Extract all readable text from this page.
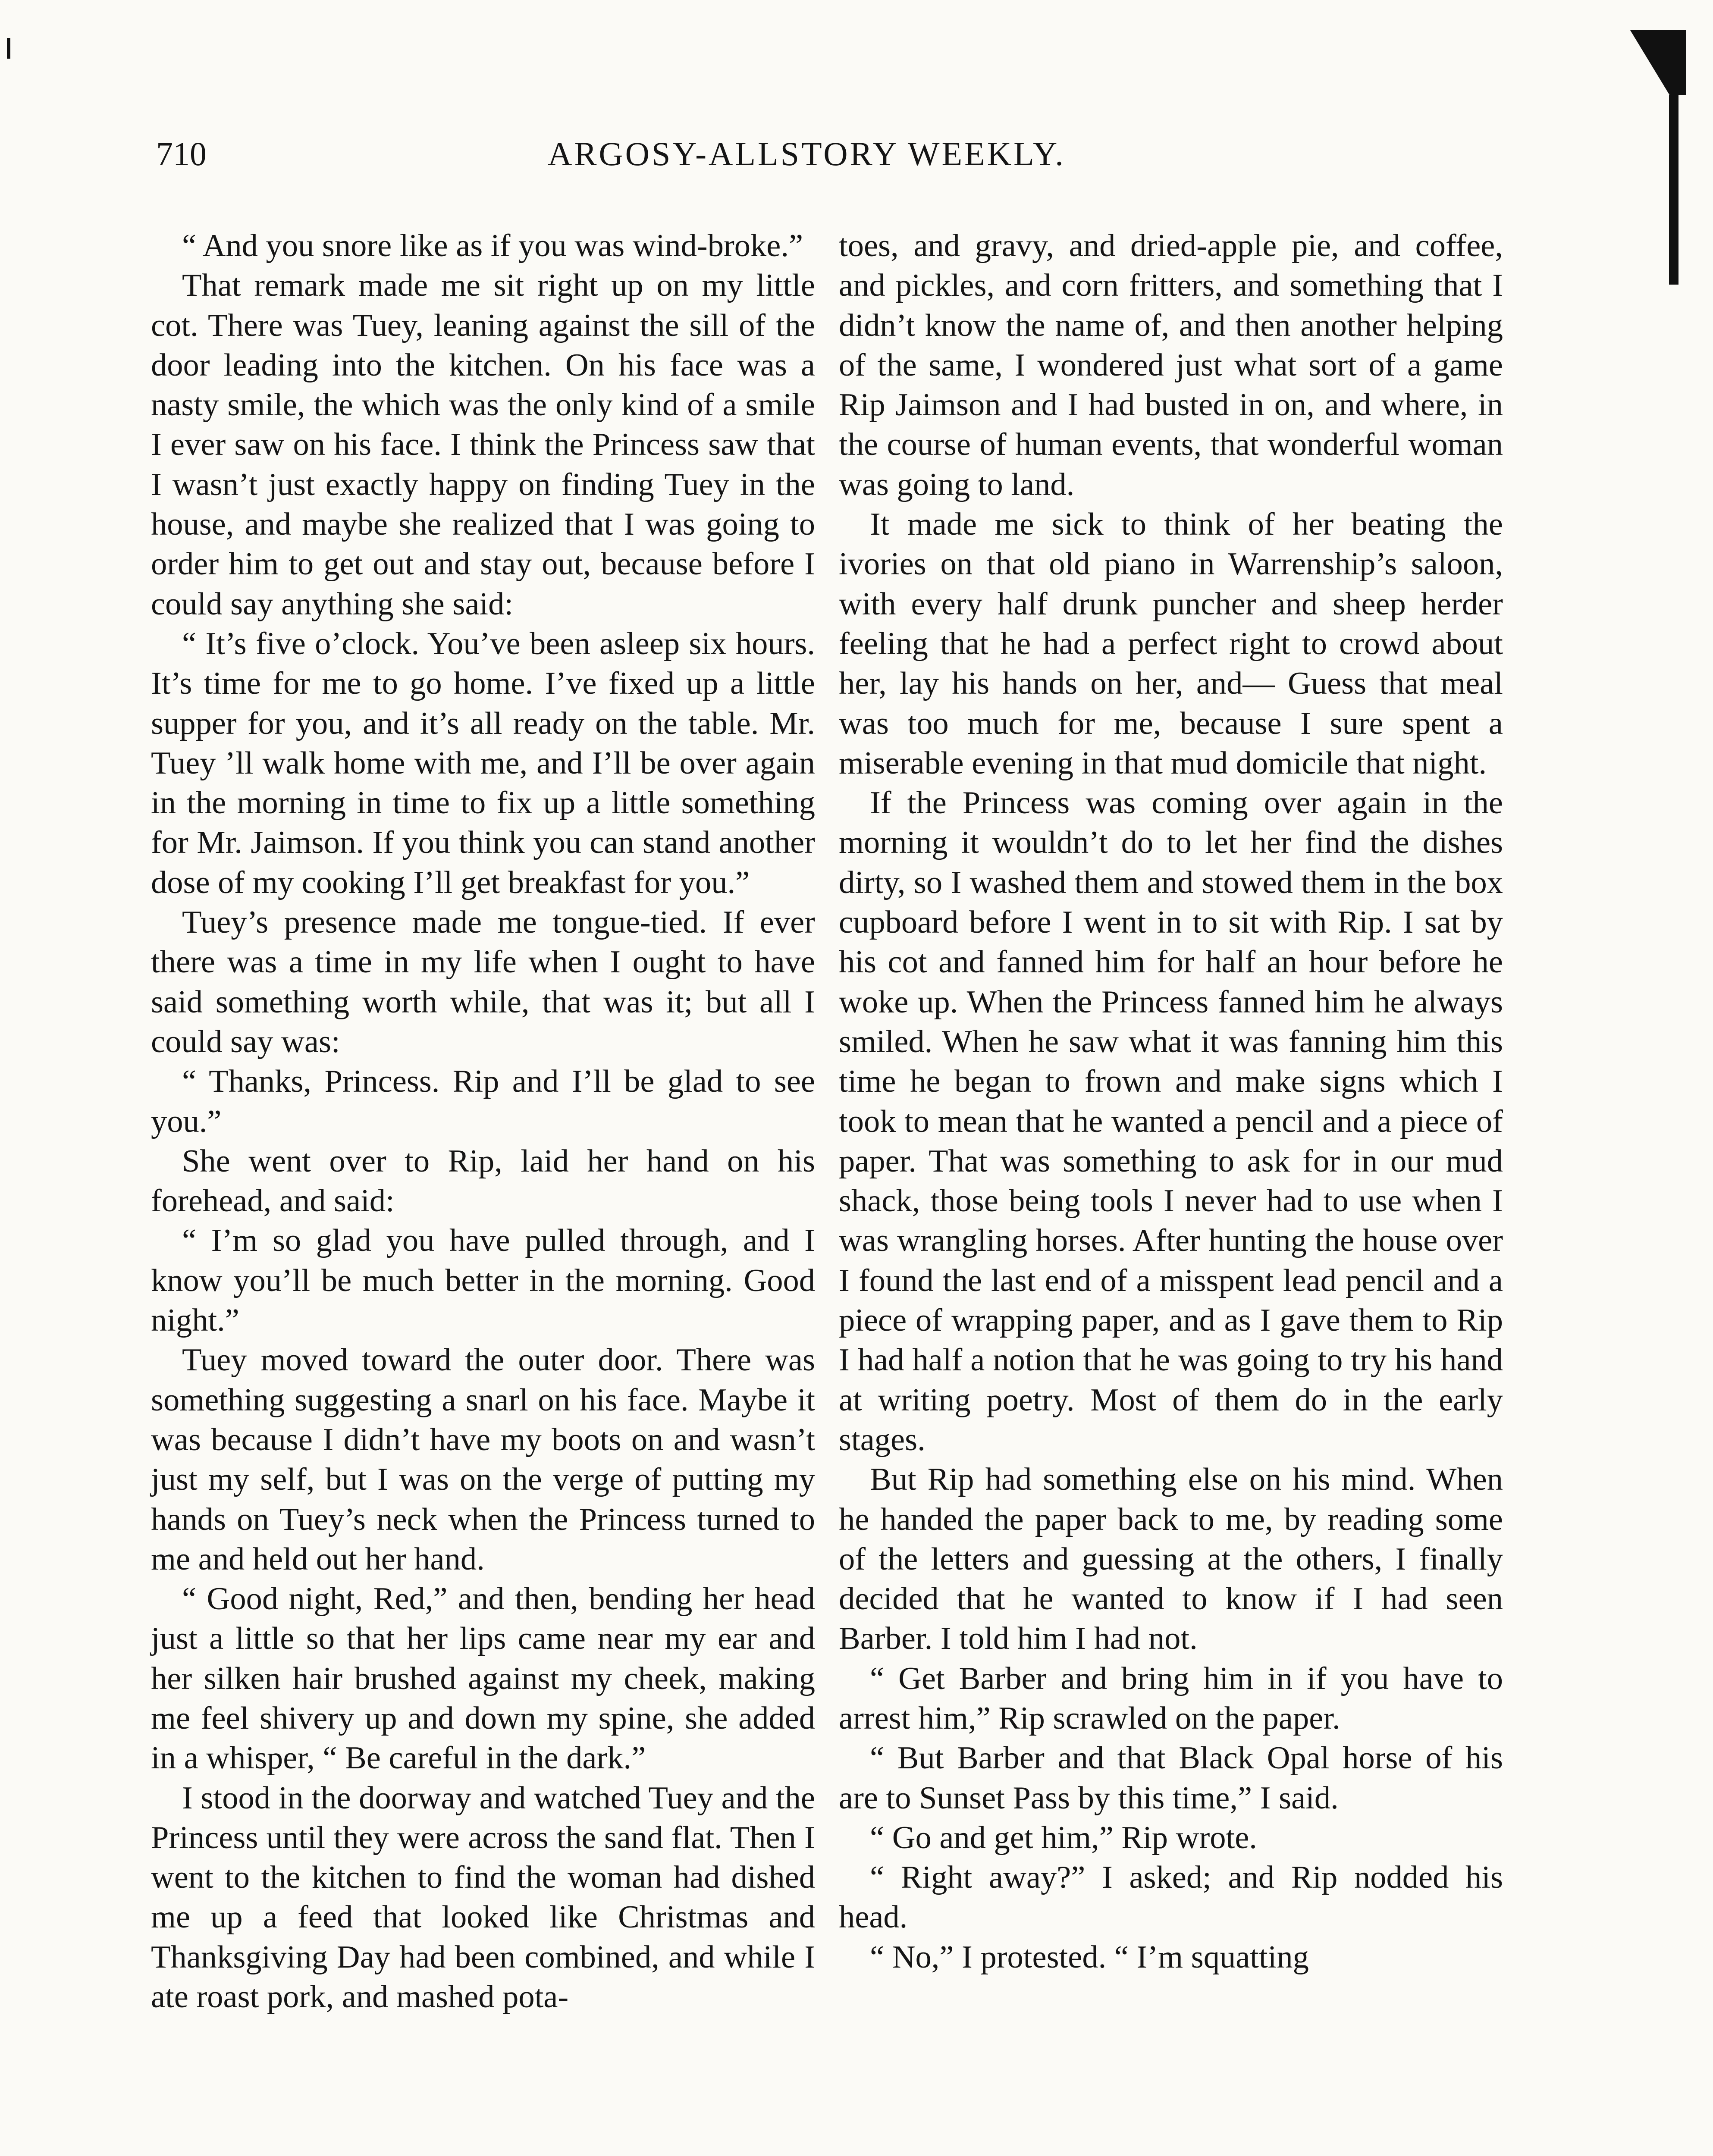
710	ARGOSY-ALLSTORY WEEKLY.

“ And you snore like as if you was wind-broke.”

That remark made me sit right up on my little cot. There was Tuey, leaning against the sill of the door leading into the kitchen. On his face was a nasty smile, the which was the only kind of a smile I ever saw on his face. I think the Princess saw that I wasn’t just exactly happy on finding Tuey in the house, and maybe she realized that I was going to order him to get out and stay out, because before I could say anything she said:

“ It’s five o’clock. You’ve been asleep six hours. It’s time for me to go home. I’ve fixed up a little supper for you, and it’s all ready on the table. Mr. Tuey ’ll walk home with me, and I’ll be over again in the morning in time to fix up a little something for Mr. Jaimson. If you think you can stand another dose of my cooking I’ll get breakfast for you.”

Tuey’s presence made me tongue-tied. If ever there was a time in my life when I ought to have said something worth while, that was it; but all I could say was:

“ Thanks, Princess. Rip and I’ll be glad to see you.”

She went over to Rip, laid her hand on his forehead, and said:

“ I’m so glad you have pulled through, and I know you’ll be much better in the morning. Good night.”

Tuey moved toward the outer door. There was something suggesting a snarl on his face. Maybe it was because I didn’t have my boots on and wasn’t just my self, but I was on the verge of putting my hands on Tuey’s neck when the Princess turned to me and held out her hand.

“ Good night, Red,” and then, bending her head just a little so that her lips came near my ear and her silken hair brushed against my cheek, making me feel shivery up and down my spine, she added in a whisper, “ Be careful in the dark.”

I stood in the doorway and watched Tuey and the Princess until they were across the sand flat. Then I went to the kitchen to find the woman had dished me up a feed that looked like Christmas and Thanksgiving Day had been combined, and while I ate roast pork, and mashed pota-

toes, and gravy, and dried-apple pie, and coffee, and pickles, and corn fritters, and something that I didn’t know the name of, and then another helping of the same, I wondered just what sort of a game Rip Jaimson and I had busted in on, and where, in the course of human events, that wonderful woman was going to land.

It made me sick to think of her beating the ivories on that old piano in Warrenship’s saloon, with every half drunk puncher and sheep herder feeling that he had a perfect right to crowd about her, lay his hands on her, and— Guess that meal was too much for me, because I sure spent a miserable evening in that mud domicile that night.

If the Princess was coming over again in the morning it wouldn’t do to let her find the dishes dirty, so I washed them and stowed them in the box cupboard before I went in to sit with Rip. I sat by his cot and fanned him for half an hour before he woke up. When the Princess fanned him he always smiled. When he saw what it was fanning him this time he began to frown and make signs which I took to mean that he wanted a pencil and a piece of paper. That was something to ask for in our mud shack, those being tools I never had to use when I was wrangling horses. After hunting the house over I found the last end of a misspent lead pencil and a piece of wrapping paper, and as I gave them to Rip I had half a notion that he was going to try his hand at writing poetry. Most of them do in the early stages.

But Rip had something else on his mind. When he handed the paper back to me, by reading some of the letters and guessing at the others, I finally decided that he wanted to know if I had seen Barber. I told him I had not.

“ Get Barber and bring him in if you have to arrest him,” Rip scrawled on the paper.

“ But Barber and that Black Opal horse of his are to Sunset Pass by this time,” I said.

“ Go and get him,” Rip wrote.

“ Right away?” I asked; and Rip nodded his head.

“ No,” I protested. “ I’m squatting
